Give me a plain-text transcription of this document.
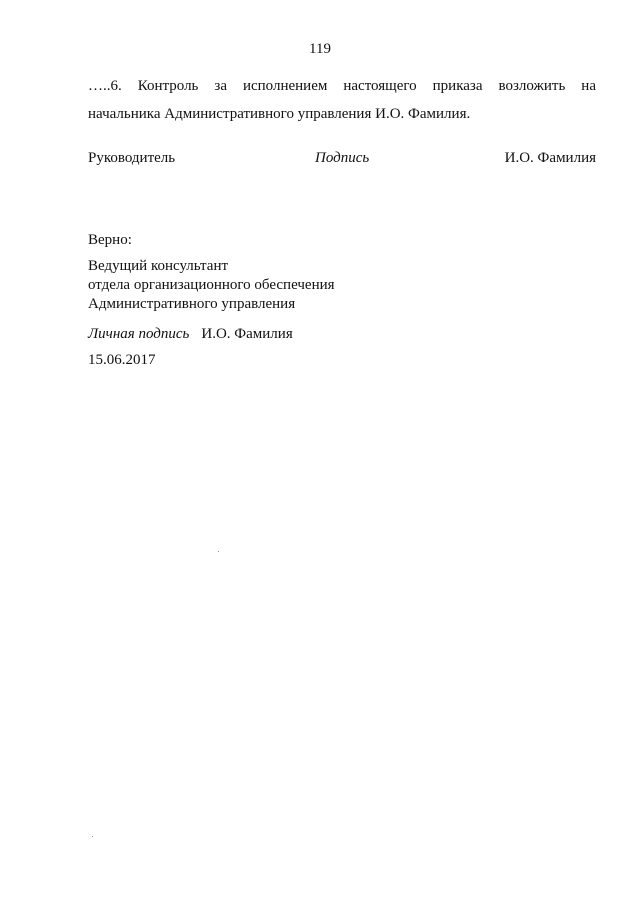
119
…..6. Контроль за исполнением настоящего приказа возложить на
начальника Административного управления И.О. Фамилия.
Руководитель	Подпись	И.О. Фамилия
Верно:
Ведущий консультант
отдела организационного обеспечения
Административного управления
Личная подпись И.О. Фамилия
15.06.2017
